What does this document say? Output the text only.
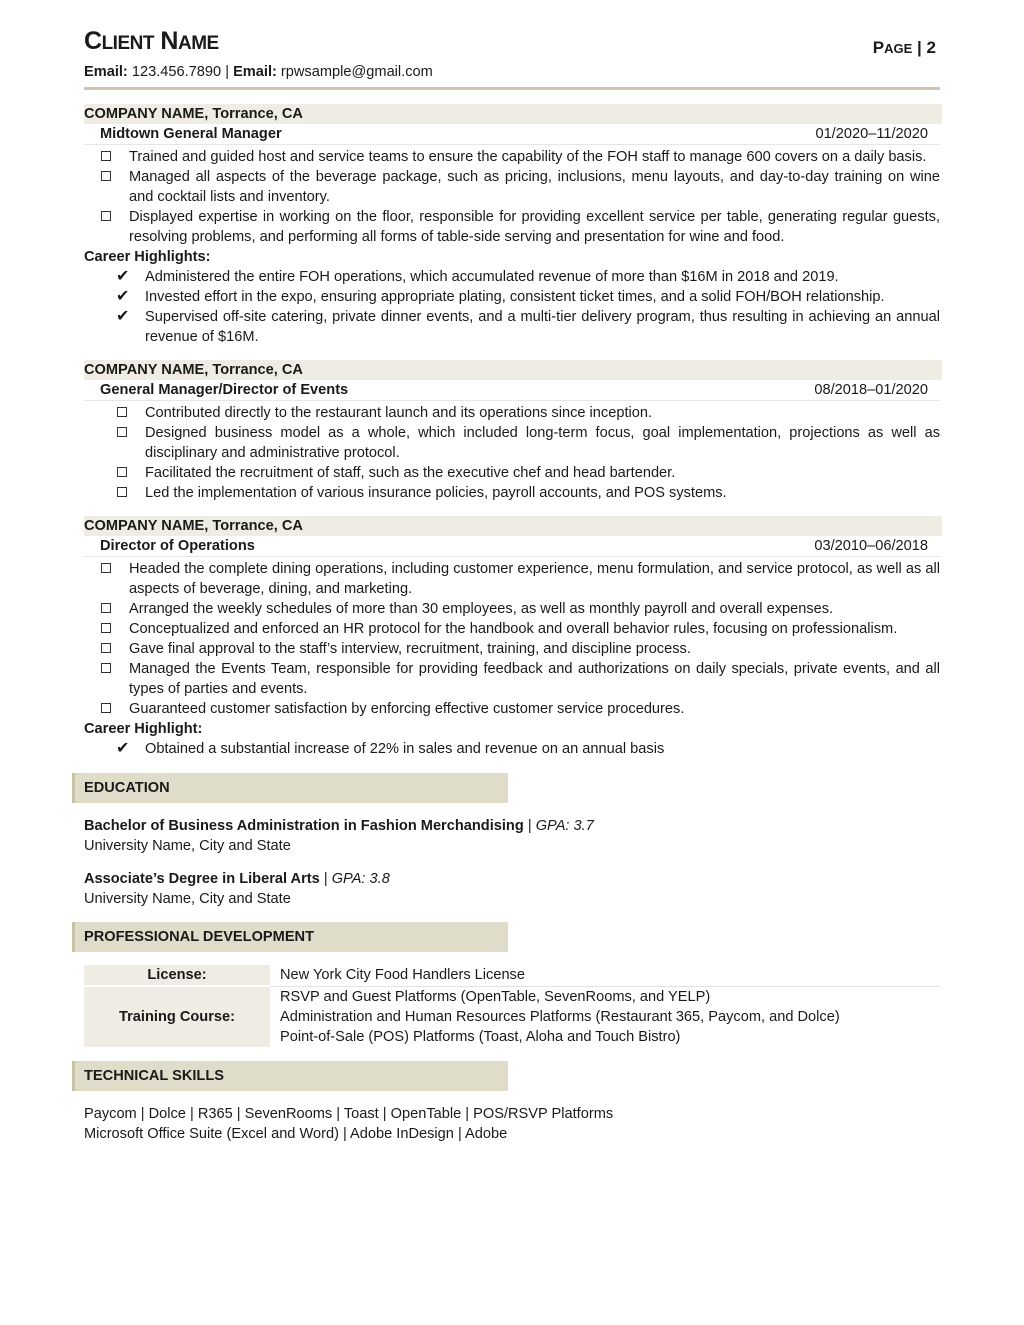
CLIENT NAME	PAGE | 2
Email: 123.456.7890 | Email: rpwsample@gmail.com
COMPANY NAME, Torrance, CA
Midtown General Manager	01/2020–11/2020
Trained and guided host and service teams to ensure the capability of the FOH staff to manage 600 covers on a daily basis.
Managed all aspects of the beverage package, such as pricing, inclusions, menu layouts, and day-to-day training on wine and cocktail lists and inventory.
Displayed expertise in working on the floor, responsible for providing excellent service per table, generating regular guests, resolving problems, and performing all forms of table-side serving and presentation for wine and food.
Career Highlights:
✔ Administered the entire FOH operations, which accumulated revenue of more than $16M in 2018 and 2019.
✔ Invested effort in the expo, ensuring appropriate plating, consistent ticket times, and a solid FOH/BOH relationship.
✔ Supervised off-site catering, private dinner events, and a multi-tier delivery program, thus resulting in achieving an annual revenue of $16M.
COMPANY NAME, Torrance, CA
General Manager/Director of Events	08/2018–01/2020
Contributed directly to the restaurant launch and its operations since inception.
Designed business model as a whole, which included long-term focus, goal implementation, projections as well as disciplinary and administrative protocol.
Facilitated the recruitment of staff, such as the executive chef and head bartender.
Led the implementation of various insurance policies, payroll accounts, and POS systems.
COMPANY NAME, Torrance, CA
Director of Operations	03/2010–06/2018
Headed the complete dining operations, including customer experience, menu formulation, and service protocol, as well as all aspects of beverage, dining, and marketing.
Arranged the weekly schedules of more than 30 employees, as well as monthly payroll and overall expenses.
Conceptualized and enforced an HR protocol for the handbook and overall behavior rules, focusing on professionalism.
Gave final approval to the staff’s interview, recruitment, training, and discipline process.
Managed the Events Team, responsible for providing feedback and authorizations on daily specials, private events, and all types of parties and events.
Guaranteed customer satisfaction by enforcing effective customer service procedures.
Career Highlight:
✔ Obtained a substantial increase of 22% in sales and revenue on an annual basis
EDUCATION
Bachelor of Business Administration in Fashion Merchandising | GPA: 3.7
University Name, City and State
Associate’s Degree in Liberal Arts | GPA: 3.8
University Name, City and State
PROFESSIONAL DEVELOPMENT
License:	New York City Food Handlers License
Training Course:	RSVP and Guest Platforms (OpenTable, SevenRooms, and YELP)
Administration and Human Resources Platforms (Restaurant 365, Paycom, and Dolce)
Point-of-Sale (POS) Platforms (Toast, Aloha and Touch Bistro)
TECHNICAL SKILLS
Paycom | Dolce | R365 | SevenRooms | Toast | OpenTable | POS/RSVP Platforms
Microsoft Office Suite (Excel and Word) | Adobe InDesign | Adobe
